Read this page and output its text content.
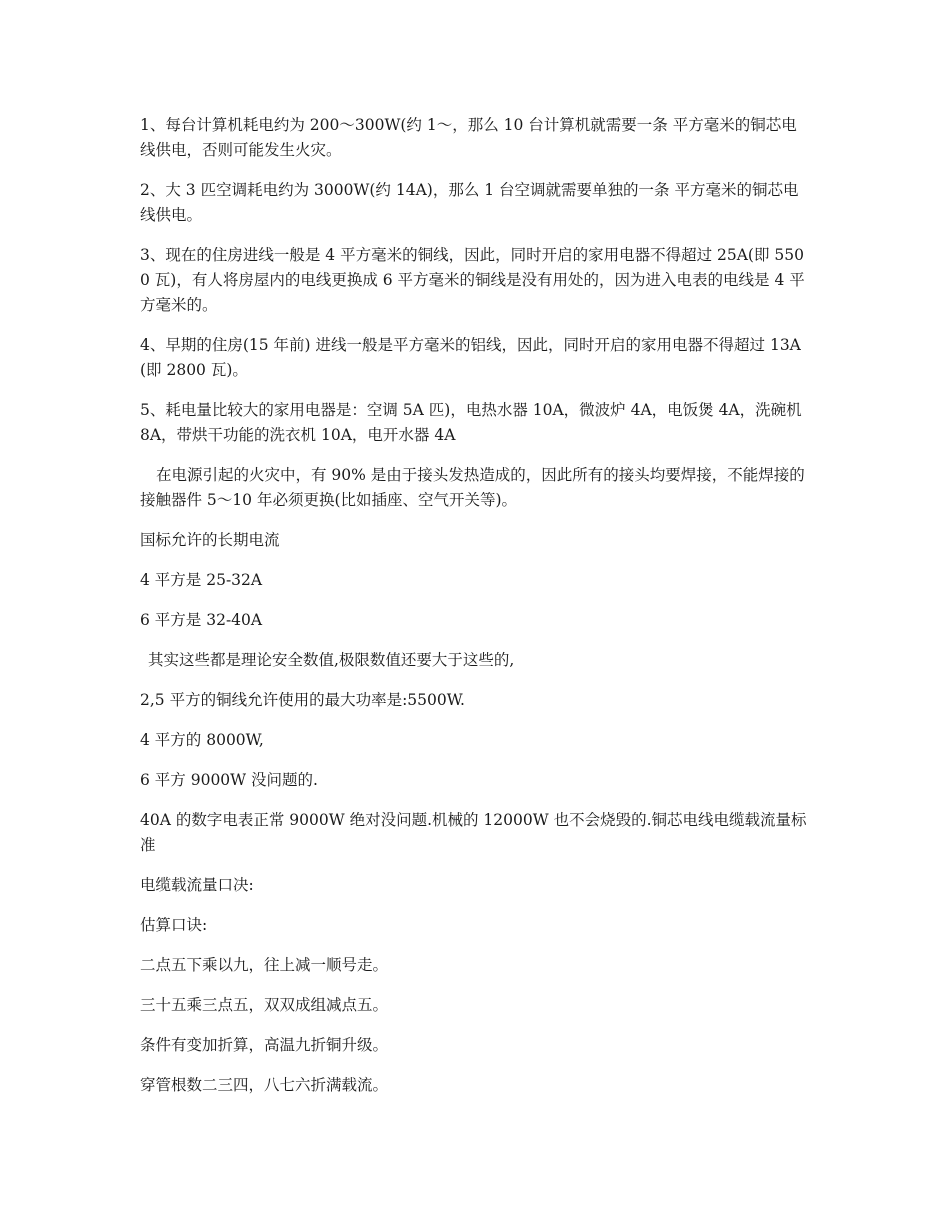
1、每台计算机耗电约为 200～300W(约 1～，那么 10 台计算机就需要一条 平方毫米的铜芯电线供电，否则可能发生火灾。

2、大 3 匹空调耗电约为 3000W(约 14A)，那么 1 台空调就需要单独的一条 平方毫米的铜芯电线供电。

3、现在的住房进线一般是 4 平方毫米的铜线，因此，同时开启的家用电器不得超过 25A(即 5500 瓦)，有人将房屋内的电线更换成 6 平方毫米的铜线是没有用处的，因为进入电表的电线是 4 平方毫米的。

4、早期的住房(15 年前) 进线一般是平方毫米的铝线，因此，同时开启的家用电器不得超过 13A(即 2800 瓦)。

5、耗电量比较大的家用电器是：空调 5A 匹)，电热水器 10A，微波炉 4A，电饭煲 4A，洗碗机 8A，带烘干功能的洗衣机 10A，电开水器 4A

在电源引起的火灾中，有 90% 是由于接头发热造成的，因此所有的接头均要焊接，不能焊接的接触器件 5～10 年必须更换(比如插座、空气开关等)。

国标允许的长期电流

4 平方是 25-32A

6 平方是 32-40A

其实这些都是理论安全数值,极限数值还要大于这些的,

2,5 平方的铜线允许使用的最大功率是:5500W.

4 平方的 8000W,

6 平方 9000W 没问题的.

40A 的数字电表正常 9000W 绝对没问题.机械的 12000W 也不会烧毁的.铜芯电线电缆载流量标准

电缆载流量口决:

估算口诀:

二点五下乘以九，往上减一顺号走。

三十五乘三点五，双双成组减点五。

条件有变加折算，高温九折铜升级。

穿管根数二三四，八七六折满载流。
